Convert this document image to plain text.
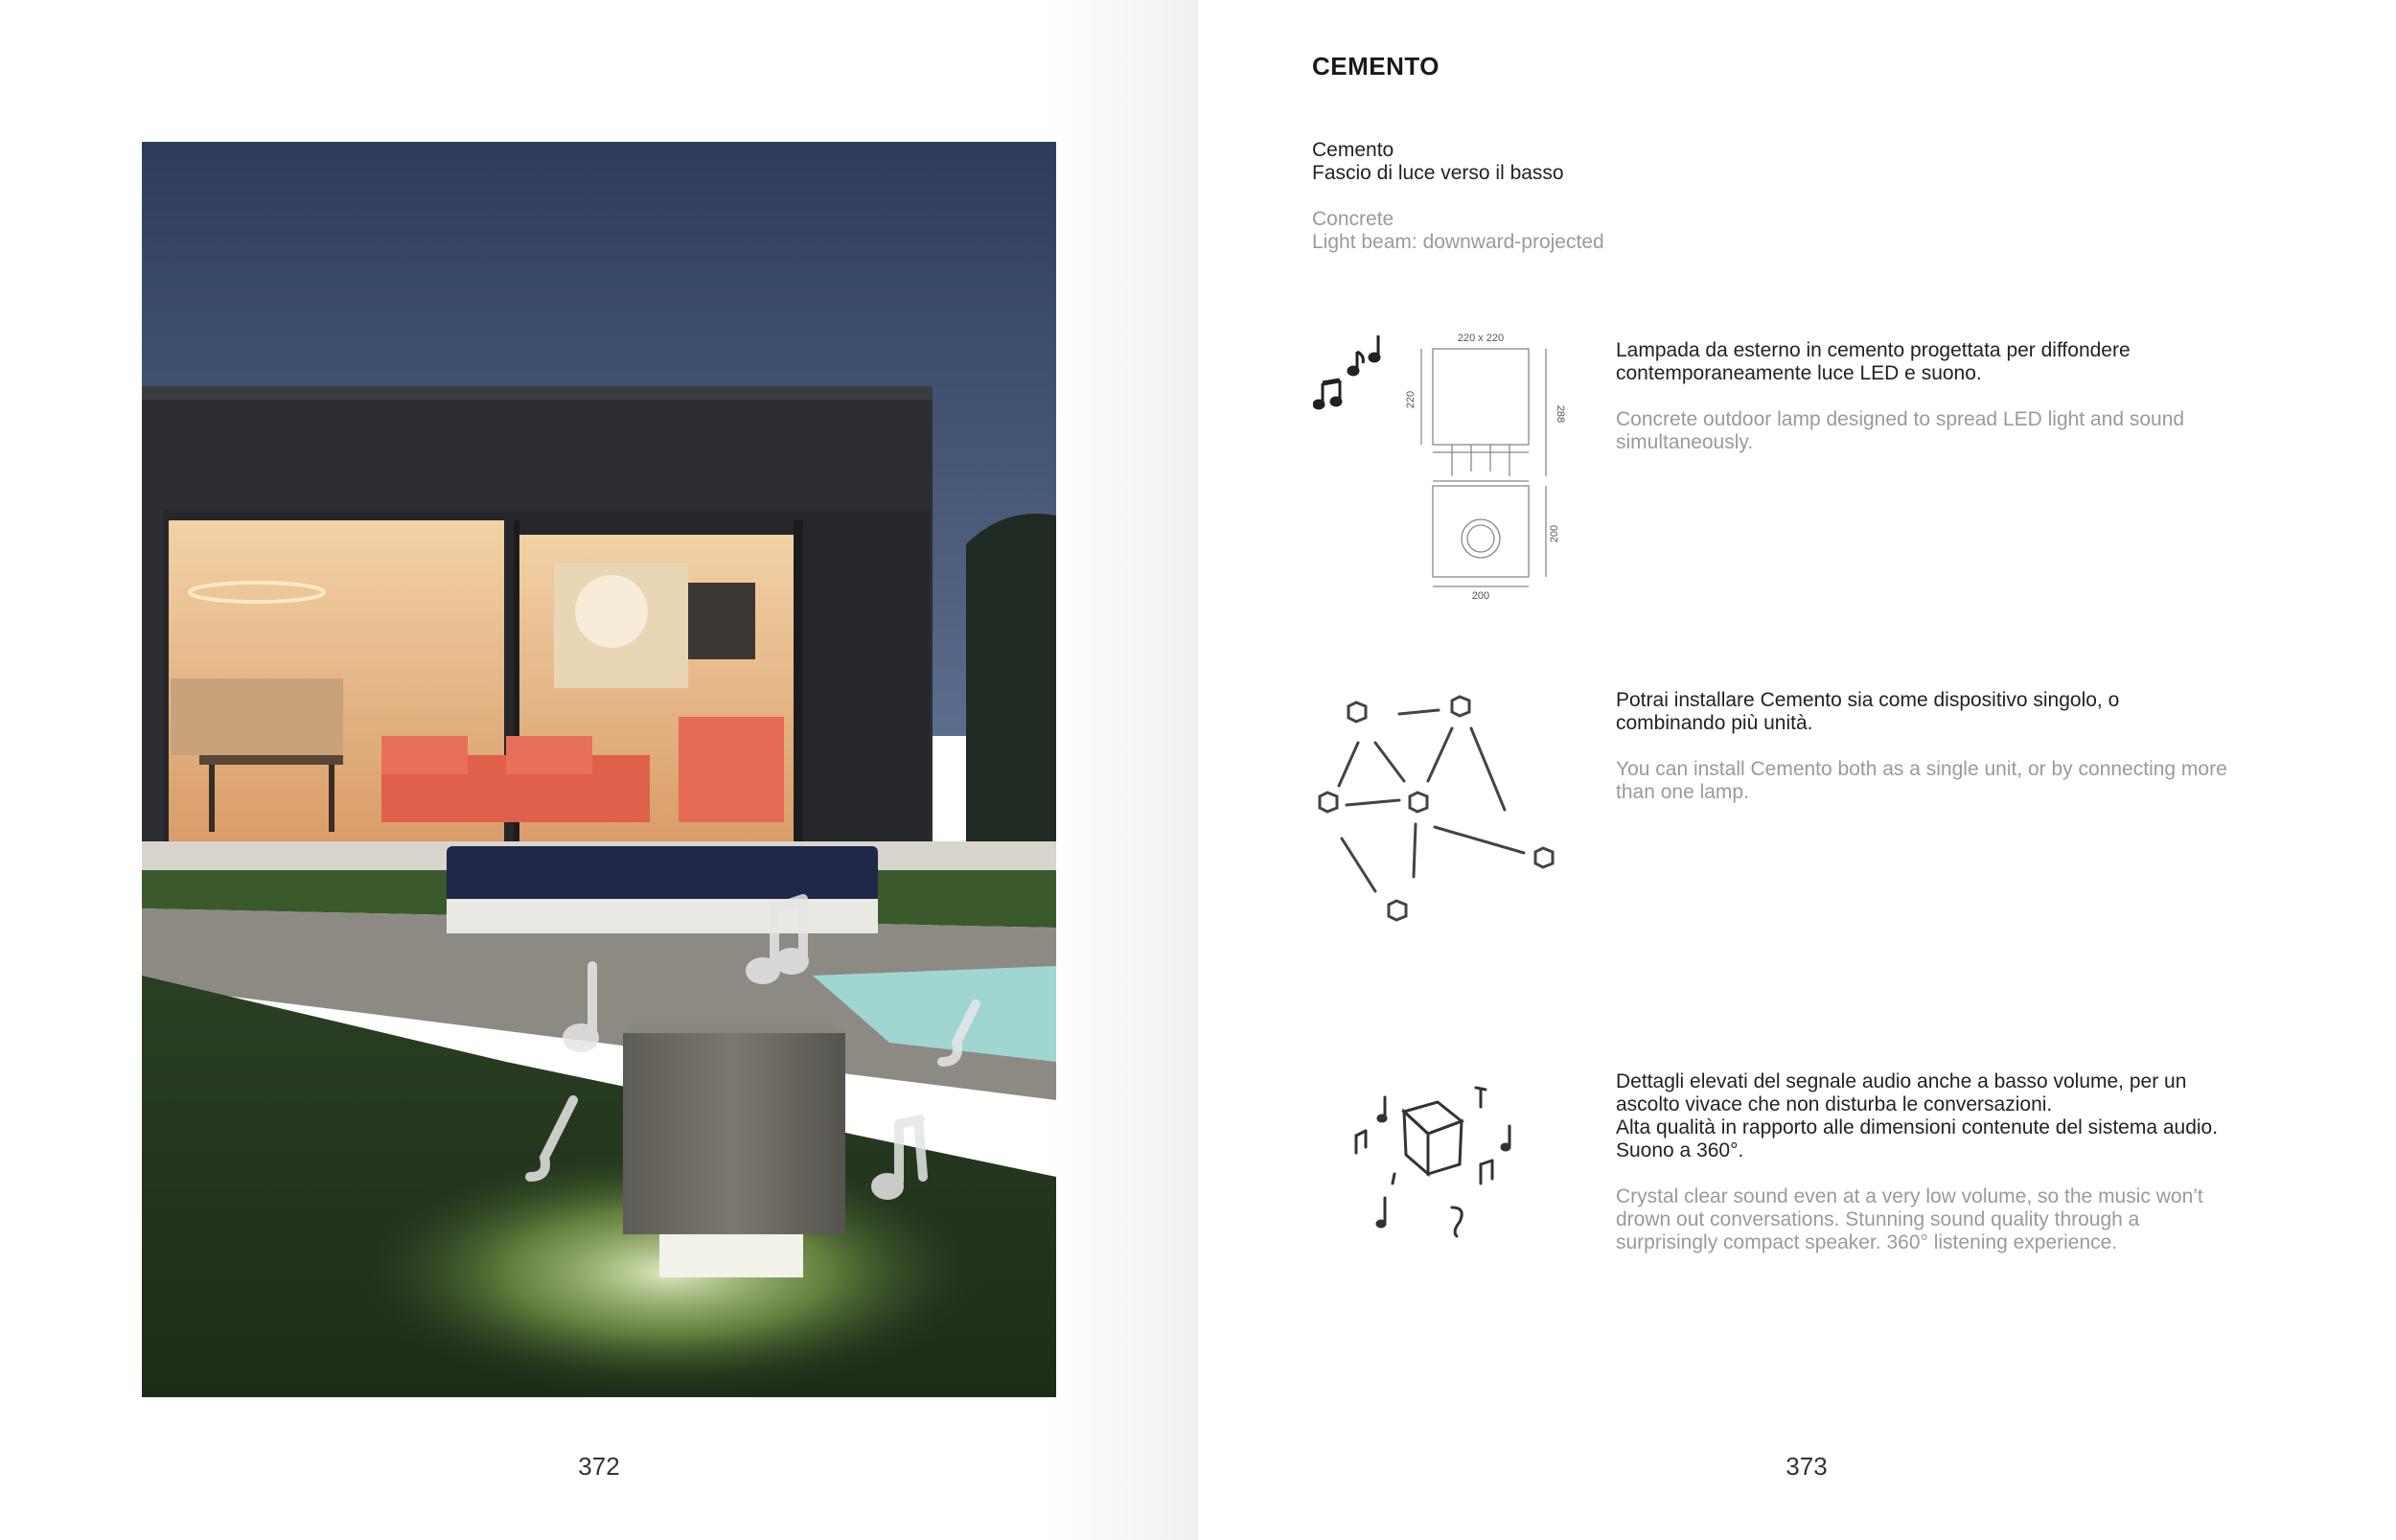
372
CEMENTO
Cemento
Fascio di luce verso il basso
Concrete
Light beam: downward-projected
220 x 220
220
288
200
200
Lampada da esterno in cemento progettata per diffondere contemporaneamente luce LED e suono.
Concrete outdoor lamp designed to spread LED light and sound simultaneously.
Potrai installare Cemento sia come dispositivo singolo, o combinando più unità.
You can install Cemento both as a single unit, or by connecting more than one lamp.
Dettagli elevati del segnale audio anche a basso volume, per un ascolto vivace che non disturba le conversazioni.
Alta qualità in rapporto alle dimensioni contenute del sistema audio. Suono a 360°.
Crystal clear sound even at a very low volume, so the music won’t drown out conversations. Stunning sound quality through a surprisingly compact speaker. 360° listening experience.
373
